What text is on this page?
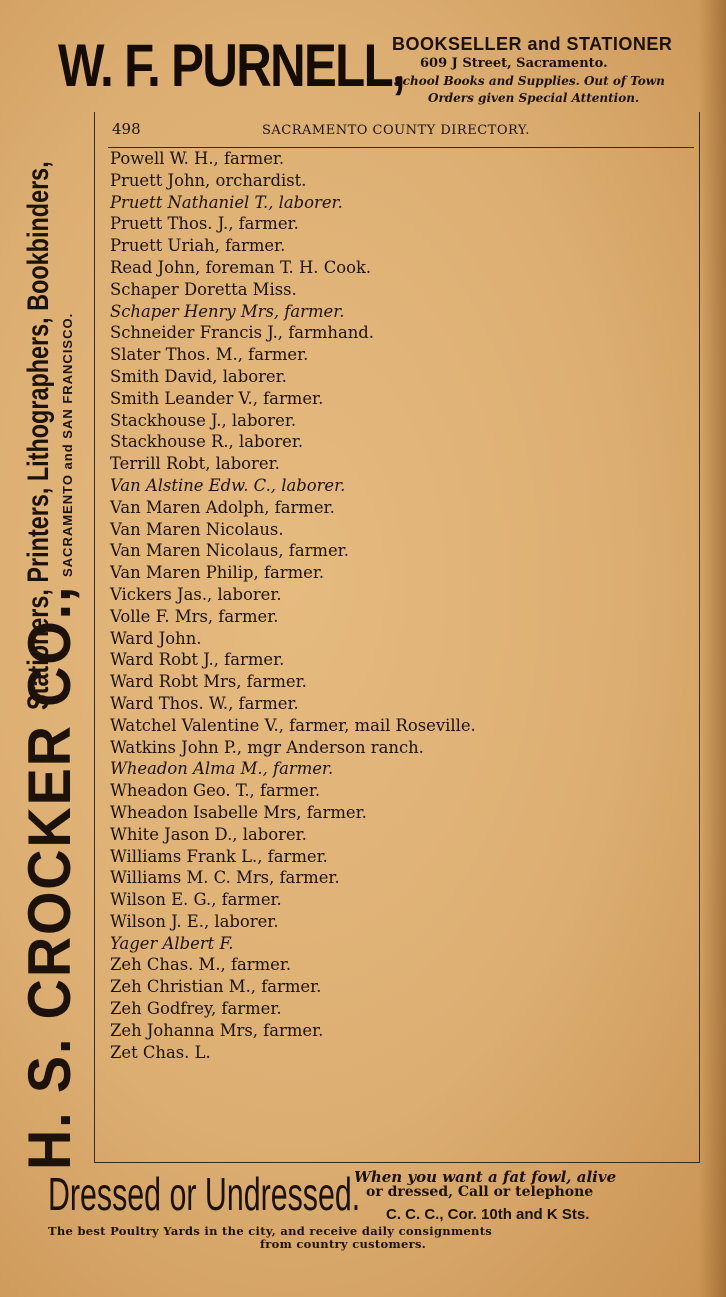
W. F. PURNELL,
BOOKSELLER and STATIONER
609 J Street, Sacramento.
School Books and Supplies. Out of Town
Orders given Special Attention.
H. S. CROCKER CO.,
Stationers, Printers, Lithographers, Bookbinders, SACRAMENTO and SAN FRANCISCO.
498	SACRAMENTO COUNTY DIRECTORY.
Powell W. H., farmer.
Pruett John, orchardist.
Pruett Nathaniel T., laborer.
Pruett Thos. J., farmer.
Pruett Uriah, farmer.
Read John, foreman T. H. Cook.
Schaper Doretta Miss.
Schaper Henry Mrs, farmer.
Schneider Francis J., farmhand.
Slater Thos. M., farmer.
Smith David, laborer.
Smith Leander V., farmer.
Stackhouse J., laborer.
Stackhouse R., laborer.
Terrill Robt, laborer.
Van Alstine Edw. C., laborer.
Van Maren Adolph, farmer.
Van Maren Nicolaus.
Van Maren Nicolaus, farmer.
Van Maren Philip, farmer.
Vickers Jas., laborer.
Volle F. Mrs, farmer.
Ward John.
Ward Robt J., farmer.
Ward Robt Mrs, farmer.
Ward Thos. W., farmer.
Watchel Valentine V., farmer, mail Roseville.
Watkins John P., mgr Anderson ranch.
Wheadon Alma M., farmer.
Wheadon Geo. T., farmer.
Wheadon Isabelle Mrs, farmer.
White Jason D., laborer.
Williams Frank L., farmer.
Williams M. C. Mrs, farmer.
Wilson E. G., farmer.
Wilson J. E., laborer.
Yager Albert F.
Zeh Chas. M., farmer.
Zeh Christian M., farmer.
Zeh Godfrey, farmer.
Zeh Johanna Mrs, farmer.
Zet Chas. L.
Dressed or Undressed.
When you want a fat fowl, alive
or dressed, Call or telephone
C. C. C., Cor. 10th and K Sts.
The best Poultry Yards in the city, and receive daily consignments
from country customers.
